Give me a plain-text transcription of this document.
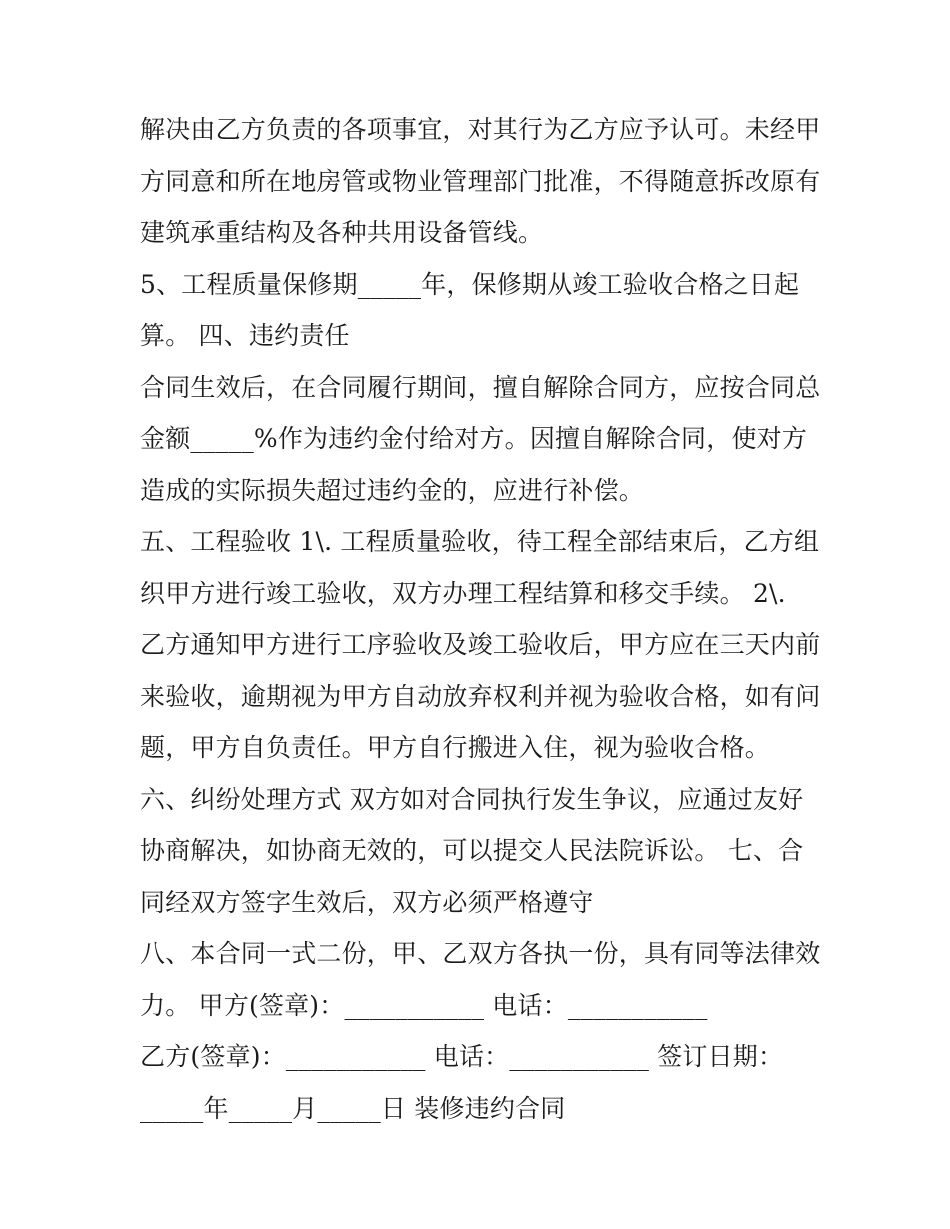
解决由乙方负责的各项事宜，对其行为乙方应予认可。未经甲
方同意和所在地房管或物业管理部门批准，不得随意拆改原有
建筑承重结构及各种共用设备管线。
5、工程质量保修期_____年，保修期从竣工验收合格之日起
算。 四、违约责任
合同生效后，在合同履行期间，擅自解除合同方，应按合同总
金额_____%作为违约金付给对方。因擅自解除合同，使对方
造成的实际损失超过违约金的，应进行补偿。
五、工程验收 1\. 工程质量验收，待工程全部结束后，乙方组
织甲方进行竣工验收，双方办理工程结算和移交手续。 2\.
乙方通知甲方进行工序验收及竣工验收后，甲方应在三天内前
来验收，逾期视为甲方自动放弃权利并视为验收合格，如有问
题，甲方自负责任。甲方自行搬进入住，视为验收合格。
六、纠纷处理方式 双方如对合同执行发生争议，应通过友好
协商解决，如协商无效的，可以提交人民法院诉讼。 七、合
同经双方签字生效后，双方必须严格遵守
八、本合同一式二份，甲、乙双方各执一份，具有同等法律效
力。 甲方(签章)：___________ 电话：___________
乙方(签章)：___________ 电话：___________ 签订日期：
_____年_____月_____日 装修违约合同
